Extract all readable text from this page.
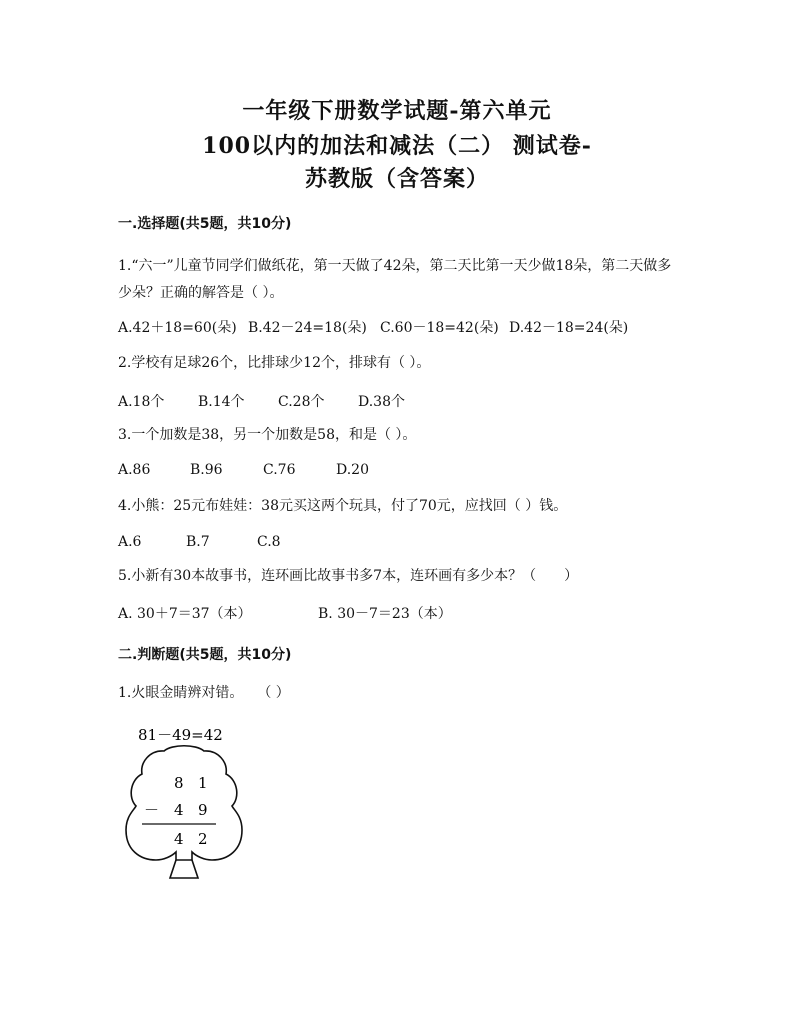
一年级下册数学试题-第六单元
100以内的加法和减法（二） 测试卷-
苏教版（含答案）
一.选择题(共5题，共10分)
1.“六一”儿童节同学们做纸花，第一天做了42朵，第二天比第一天少做18朵，第二天做多少朵？正确的解答是（ ）。
A.42＋18=60(朵) B.42－24=18(朵) C.60－18=42(朵) D.42－18=24(朵)
2.学校有足球26个，比排球少12个，排球有（ ）。
A.18个 B.14个 C.28个 D.38个
3.一个加数是38，另一个加数是58，和是（ ）。
A.86	B.96	C.76	D.20
4.小熊：25元布娃娃：38元买这两个玩具，付了70元，应找回（ ）钱。
A.6	B.7	C.8
5.小新有30本故事书，连环画比故事书多7本，连环画有多少本？（　　）
A. 30＋7＝37（本）	B. 30－7＝23（本）
二.判断题(共5题，共10分)
1.火眼金睛辨对错。　　（ ）
81－49=42
8 1
－ 4 9
4 2
